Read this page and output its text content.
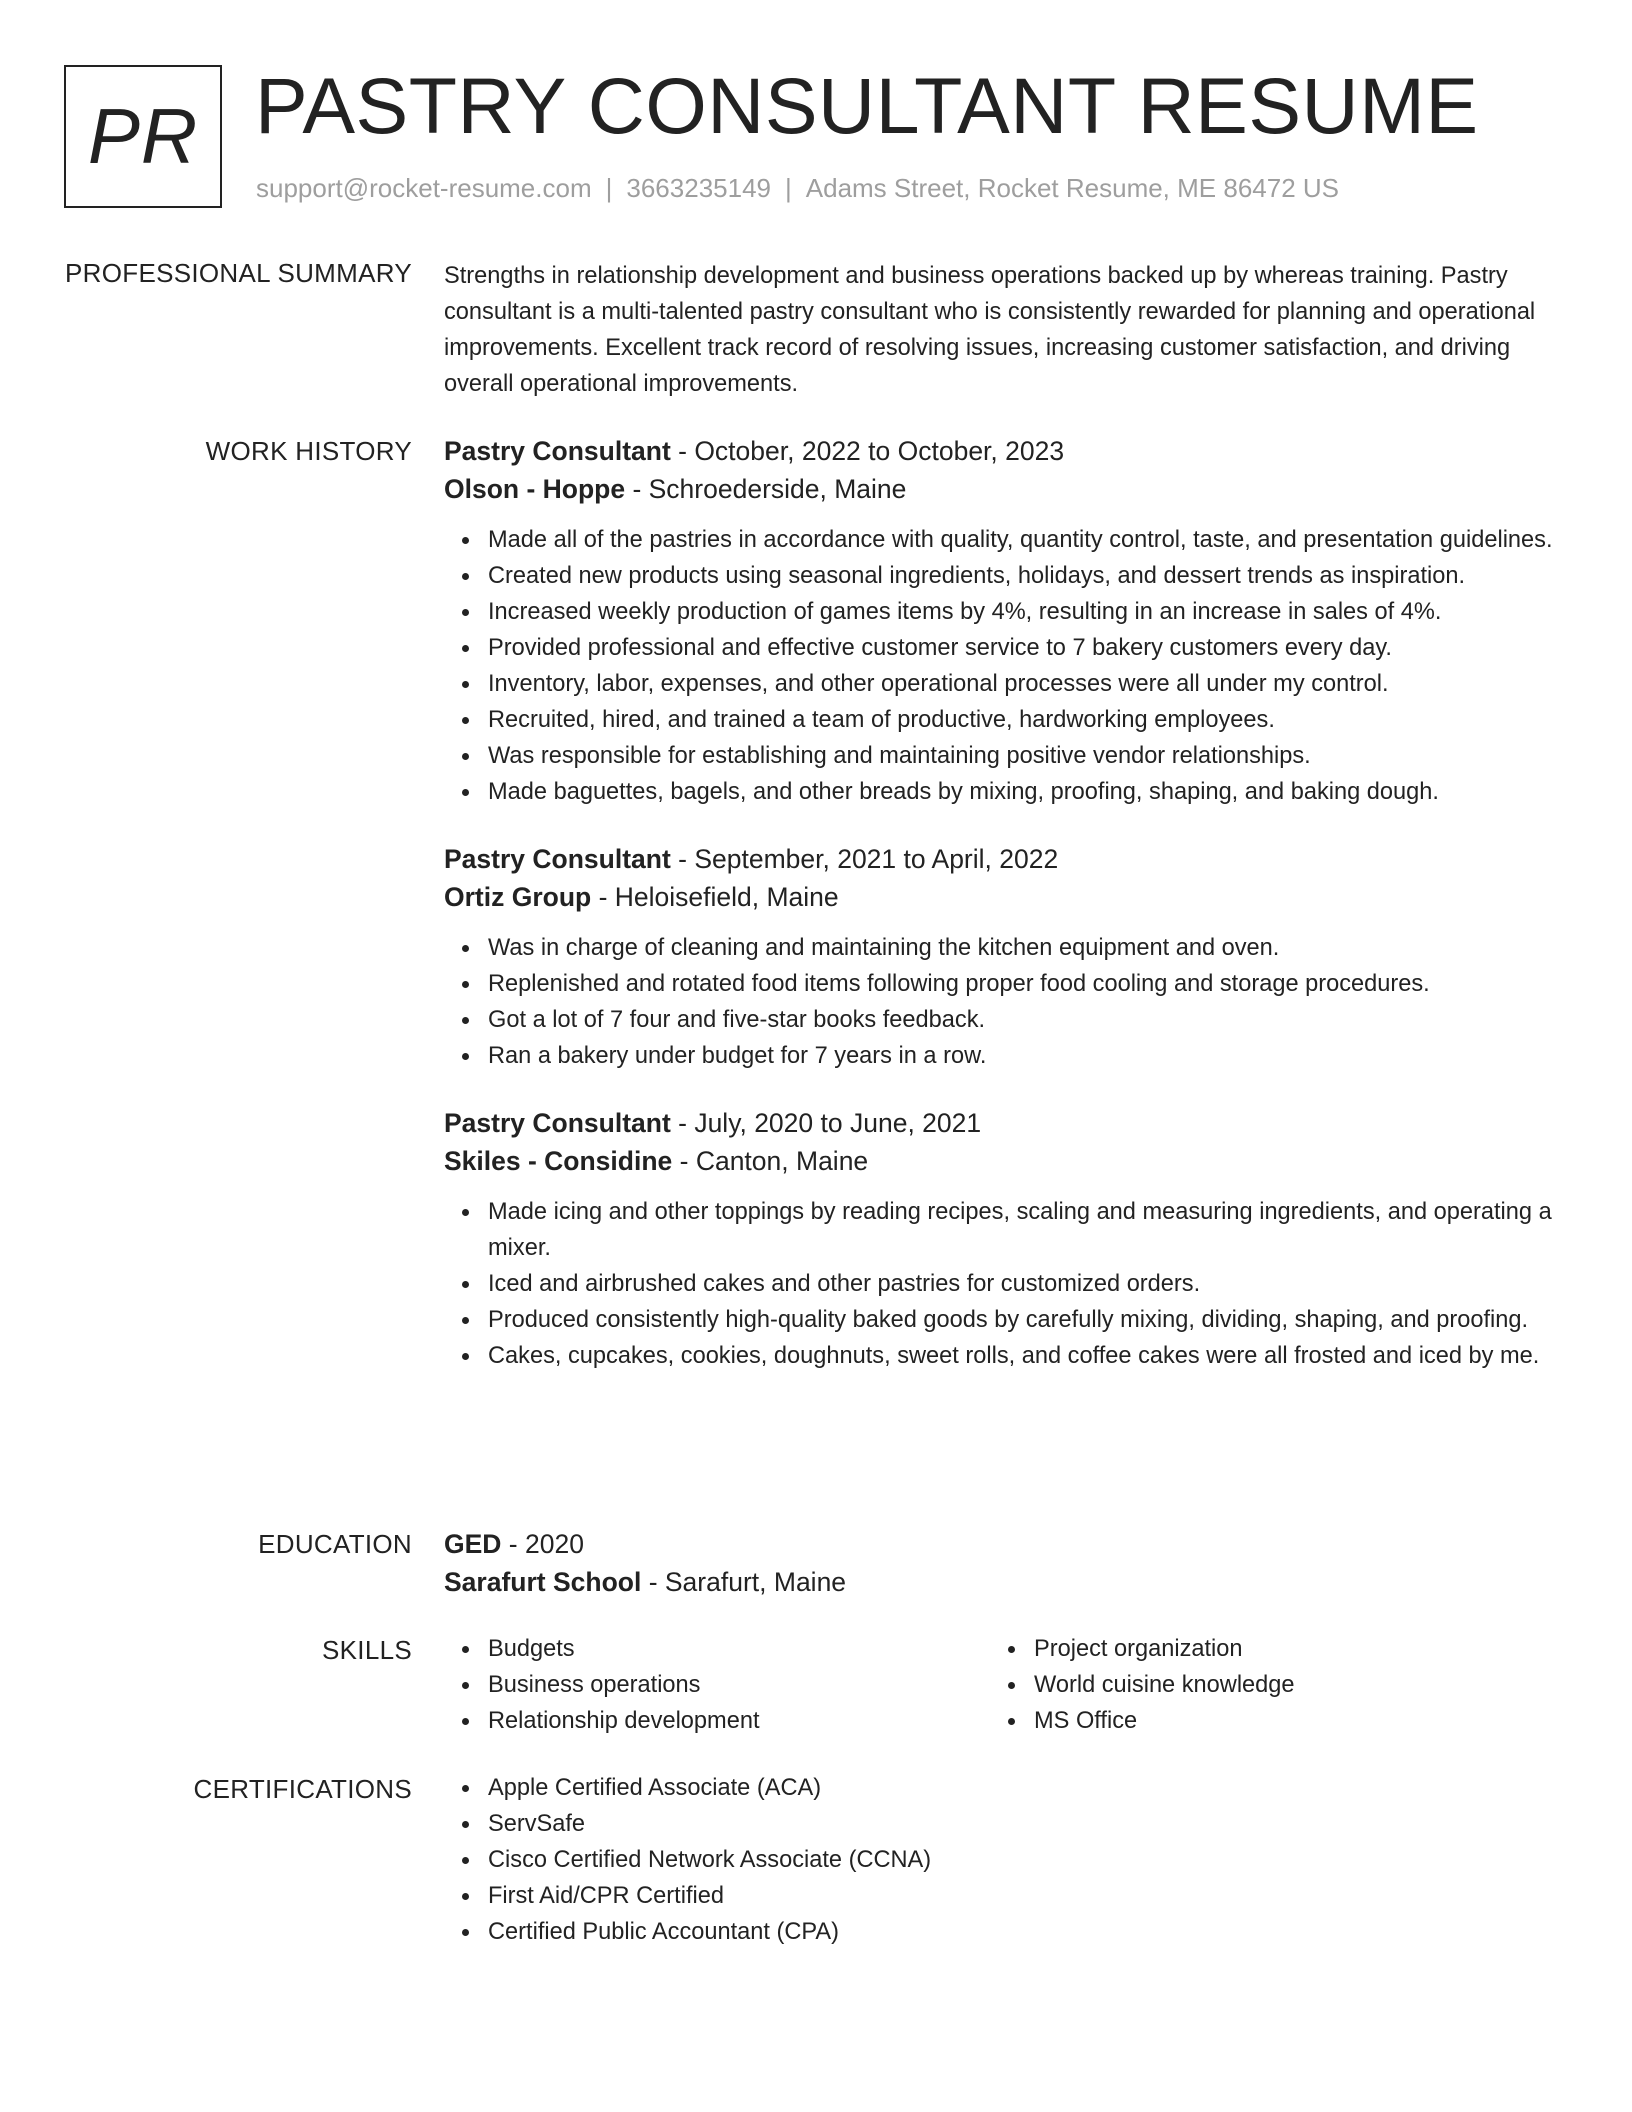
PR PASTRY CONSULTANT RESUME
support@rocket-resume.com | 3663235149 | Adams Street, Rocket Resume, ME 86472 US
PROFESSIONAL SUMMARY Strengths in relationship development and business operations backed up by whereas training. Pastry consultant is a multi-talented pastry consultant who is consistently rewarded for planning and operational improvements. Excellent track record of resolving issues, increasing customer satisfaction, and driving overall operational improvements.

WORK HISTORY Pastry Consultant - October, 2022 to October, 2023
Olson - Hoppe - Schroederside, Maine
Made all of the pastries in accordance with quality, quantity control, taste, and presentation guidelines.
Created new products using seasonal ingredients, holidays, and dessert trends as inspiration.
Increased weekly production of games items by 4%, resulting in an increase in sales of 4%.
Provided professional and effective customer service to 7 bakery customers every day.
Inventory, labor, expenses, and other operational processes were all under my control.
Recruited, hired, and trained a team of productive, hardworking employees.
Was responsible for establishing and maintaining positive vendor relationships.
Made baguettes, bagels, and other breads by mixing, proofing, shaping, and baking dough.
Pastry Consultant - September, 2021 to April, 2022
Ortiz Group - Heloisefield, Maine
Was in charge of cleaning and maintaining the kitchen equipment and oven.
Replenished and rotated food items following proper food cooling and storage procedures.
Got a lot of 7 four and five-star books feedback.
Ran a bakery under budget for 7 years in a row.
Pastry Consultant - July, 2020 to June, 2021
Skiles - Considine - Canton, Maine
Made icing and other toppings by reading recipes, scaling and measuring ingredients, and operating a mixer.
Iced and airbrushed cakes and other pastries for customized orders.
Produced consistently high-quality baked goods by carefully mixing, dividing, shaping, and proofing.
Cakes, cupcakes, cookies, doughnuts, sweet rolls, and coffee cakes were all frosted and iced by me.
EDUCATION GED - 2020
Sarafurt School - Sarafurt, Maine
SKILLS	Budgets
Business operations
Relationship development
Project organization
World cuisine knowledge
MS Office
CERTIFICATIONS	Apple Certified Associate (ACA)
ServSafe
Cisco Certified Network Associate (CCNA)
First Aid/CPR Certified
Certified Public Accountant (CPA)
